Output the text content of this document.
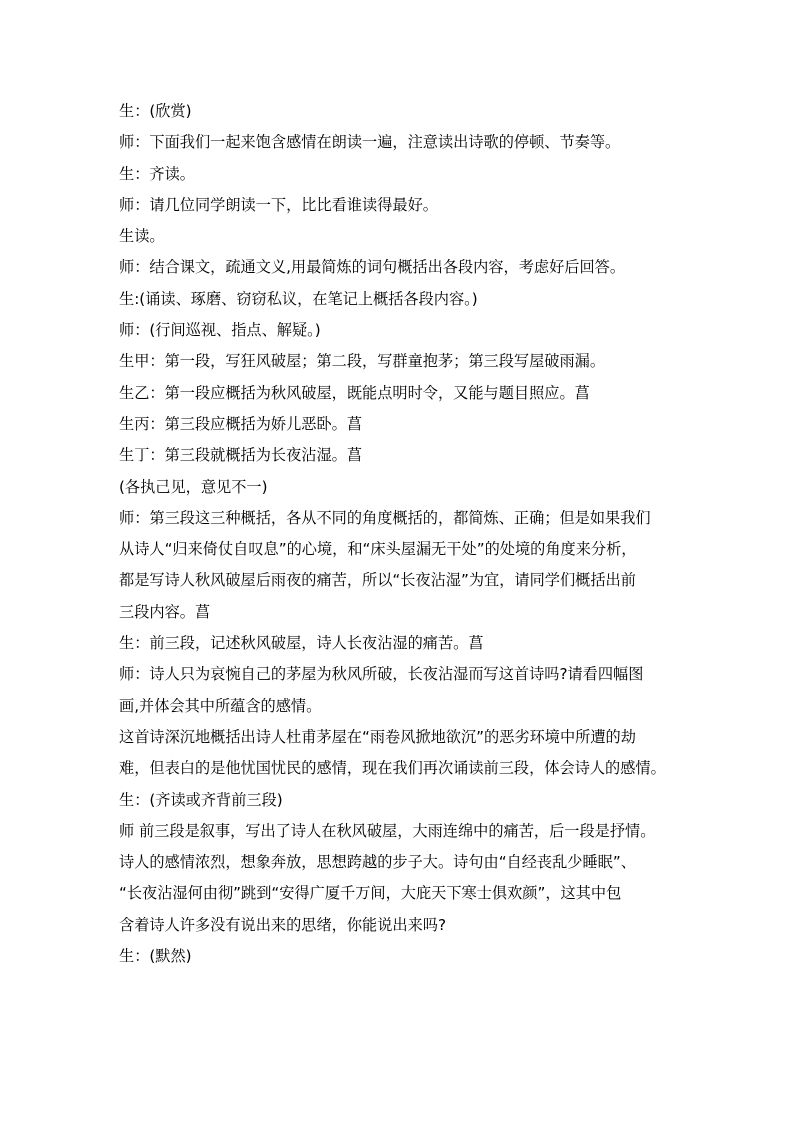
生：(欣赏)
师：下面我们一起来饱含感情在朗读一遍，注意读出诗歌的停顿、节奏等。
生：齐读。
师：请几位同学朗读一下，比比看谁读得最好。
生读。
师：结合课文，疏通文义,用最简炼的词句概括出各段内容，考虑好后回答。
生:(诵读、琢磨、窃窃私议，在笔记上概括各段内容。)
师：(行间巡视、指点、解疑。)
生甲：第一段，写狂风破屋；第二段，写群童抱茅；第三段写屋破雨漏。
生乙：第一段应概括为秋风破屋，既能点明时令，又能与题目照应。菖
生丙：第三段应概括为娇儿恶卧。菖
生丁：第三段就概括为长夜沾湿。菖
(各执己见，意见不一)
师：第三段这三种概括，各从不同的角度概括的，都简炼、正确；但是如果我们
从诗人“归来倚仗自叹息”的心境，和“床头屋漏无干处”的处境的角度来分析，
都是写诗人秋风破屋后雨夜的痛苦，所以“长夜沾湿”为宜，请同学们概括出前
三段内容。菖
生：前三段，记述秋风破屋，诗人长夜沾湿的痛苦。菖
师：诗人只为哀惋自己的茅屋为秋风所破，长夜沾湿而写这首诗吗?请看四幅图
画,并体会其中所蕴含的感情。
这首诗深沉地概括出诗人杜甫茅屋在“雨卷风掀地欲沉”的恶劣环境中所遭的劫
难，但表白的是他忧国忧民的感情，现在我们再次诵读前三段，体会诗人的感情。
生：(齐读或齐背前三段)
师 前三段是叙事，写出了诗人在秋风破屋，大雨连绵中的痛苦，后一段是抒情。
诗人的感情浓烈，想象奔放，思想跨越的步子大。诗句由“自经丧乱少睡眠”、
“长夜沾湿何由彻”跳到“安得广厦千万间，大庇天下寒士俱欢颜”，这其中包
含着诗人许多没有说出来的思绪，你能说出来吗?
生：(默然)
